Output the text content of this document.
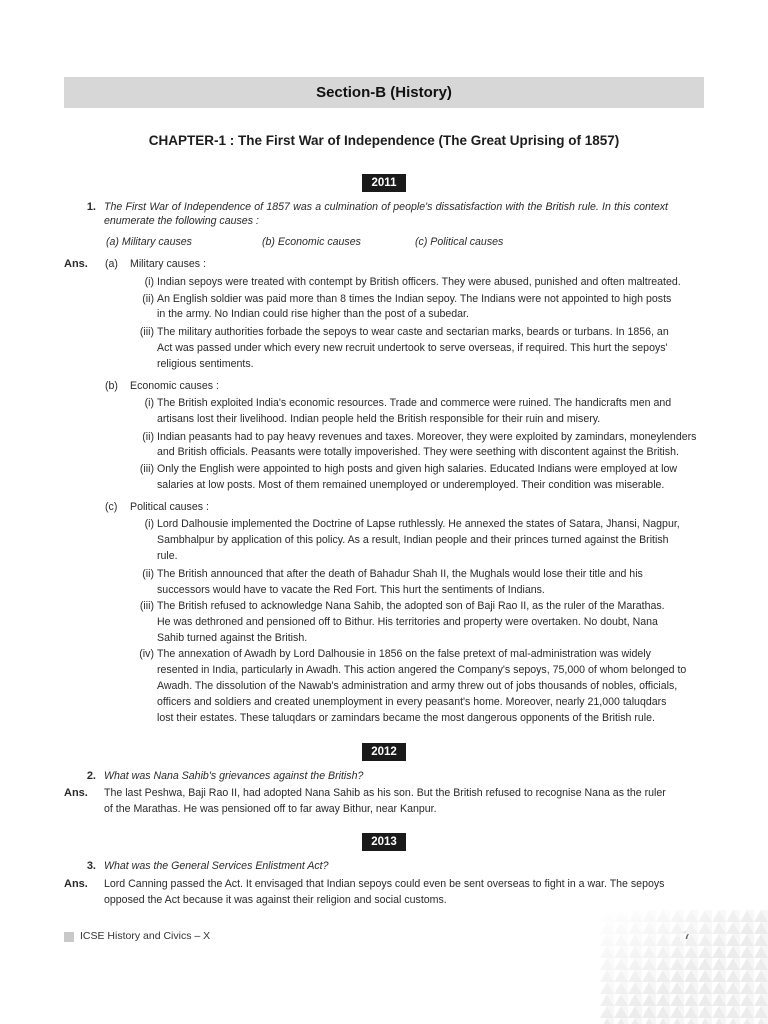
Section-B (History)
CHAPTER-1 : The First War of Independence (The Great Uprising of 1857)
2011
1. The First War of Independence of 1857 was a culmination of people's dissatisfaction with the British rule. In this context
enumerate the following causes :
(a) Military causes	(b) Economic causes	(c) Political causes
Ans. (a) Military causes :
(i) Indian sepoys were treated with contempt by British officers. They were abused, punished and often maltreated.
(ii) An English soldier was paid more than 8 times the Indian sepoy. The Indians were not appointed to high posts
in the army. No Indian could rise higher than the post of a subedar.
(iii) The military authorities forbade the sepoys to wear caste and sectarian marks, beards or turbans. In 1856, an
Act was passed under which every new recruit undertook to serve overseas, if required. This hurt the sepoys'
religious sentiments.
(b) Economic causes :
(i) The British exploited India's economic resources. Trade and commerce were ruined. The handicrafts men and
artisans lost their livelihood. Indian people held the British responsible for their ruin and misery.
(ii) Indian peasants had to pay heavy revenues and taxes. Moreover, they were exploited by zamindars, moneylenders
and British officials. Peasants were totally impoverished. They were seething with discontent against the British.
(iii) Only the English were appointed to high posts and given high salaries. Educated Indians were employed at low
salaries at low posts. Most of them remained unemployed or underemployed. Their condition was miserable.
(c) Political causes :
(i) Lord Dalhousie implemented the Doctrine of Lapse ruthlessly. He annexed the states of Satara, Jhansi, Nagpur,
Sambhalpur by application of this policy. As a result, Indian people and their princes turned against the British
rule.
(ii) The British announced that after the death of Bahadur Shah II, the Mughals would lose their title and his
successors would have to vacate the Red Fort. This hurt the sentiments of Indians.
(iii) The British refused to acknowledge Nana Sahib, the adopted son of Baji Rao II, as the ruler of the Marathas.
He was dethroned and pensioned off to Bithur. His territories and property were overtaken. No doubt, Nana
Sahib turned against the British.
(iv) The annexation of Awadh by Lord Dalhousie in 1856 on the false pretext of mal-administration was widely
resented in India, particularly in Awadh. This action angered the Company's sepoys, 75,000 of whom belonged to
Awadh. The dissolution of the Nawab's administration and army threw out of jobs thousands of nobles, officials,
officers and soldiers and created unemployment in every peasant's home. Moreover, nearly 21,000 taluqdars
lost their estates. These taluqdars or zamindars became the most dangerous opponents of the British rule.
2012
2. What was Nana Sahib's grievances against the British?
Ans. The last Peshwa, Baji Rao II, had adopted Nana Sahib as his son. But the British refused to recognise Nana as the ruler
of the Marathas. He was pensioned off to far away Bithur, near Kanpur.
2013
3. What was the General Services Enlistment Act?
Ans. Lord Canning passed the Act. It envisaged that Indian sepoys could even be sent overseas to fight in a war. The sepoys
opposed the Act because it was against their religion and social customs.
ICSE History and Civics – X
